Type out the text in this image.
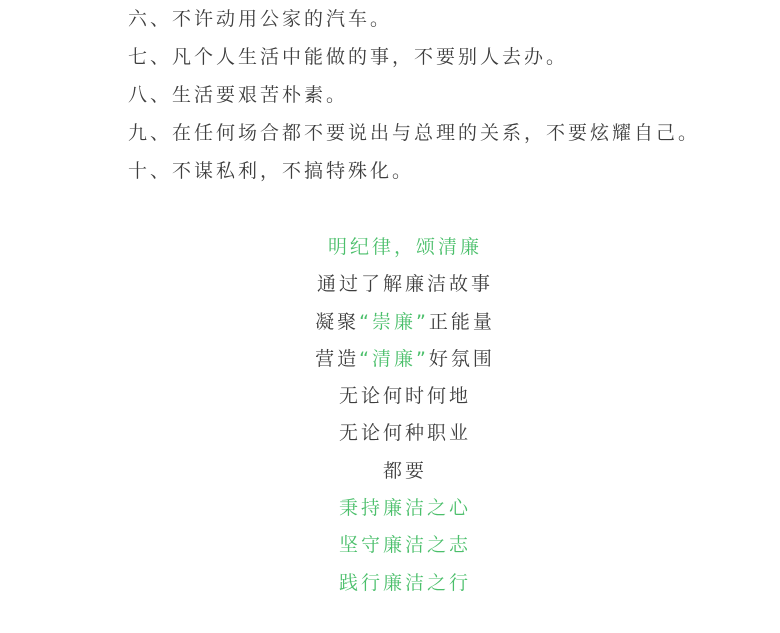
六、不许动用公家的汽车。
七、凡个人生活中能做的事，不要别人去办。
八、生活要艰苦朴素。
九、在任何场合都不要说出与总理的关系，不要炫耀自己。
十、不谋私利，不搞特殊化。
明纪律，颂清廉
通过了解廉洁故事
凝聚“崇廉”正能量
营造“清廉”好氛围
无论何时何地
无论何种职业
都要
秉持廉洁之心
坚守廉洁之志
践行廉洁之行
